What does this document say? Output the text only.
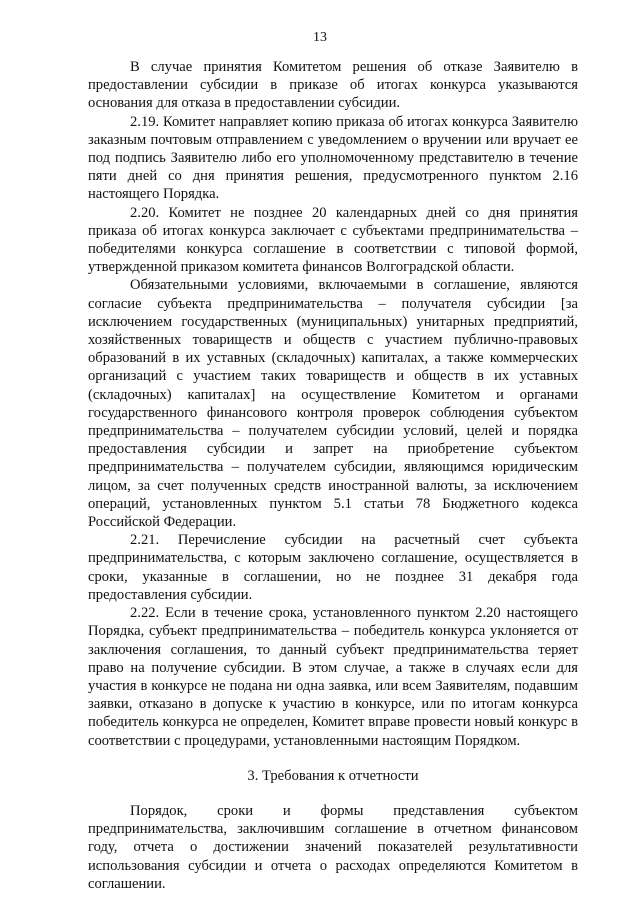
13

В случае принятия Комитетом решения об отказе Заявителю в предоставлении субсидии в приказе об итогах конкурса указываются основания для отказа в предоставлении субсидии.

2.19. Комитет направляет копию приказа об итогах конкурса Заявителю заказным почтовым отправлением с уведомлением о вручении или вручает ее под подпись Заявителю либо его уполномоченному представителю в течение пяти дней со дня принятия решения, предусмотренного пунктом 2.16 настоящего Порядка.

2.20. Комитет не позднее 20 календарных дней со дня принятия приказа об итогах конкурса заключает с субъектами предпринимательства – победителями конкурса соглашение в соответствии с типовой формой, утвержденной приказом комитета финансов Волгоградской области.

Обязательными условиями, включаемыми в соглашение, являются согласие субъекта предпринимательства – получателя субсидии [за исключением государственных (муниципальных) унитарных предприятий, хозяйственных товариществ и обществ с участием публично-правовых образований в их уставных (складочных) капиталах, а также коммерческих организаций с участием таких товариществ и обществ в их уставных (складочных) капиталах] на осуществление Комитетом и органами государственного финансового контроля проверок соблюдения субъектом предпринимательства – получателем субсидии условий, целей и порядка предоставления субсидии и запрет на приобретение субъектом предпринимательства – получателем субсидии, являющимся юридическим лицом, за счет полученных средств иностранной валюты, за исключением операций, установленных пунктом 5.1 статьи 78 Бюджетного кодекса Российской Федерации.

2.21. Перечисление субсидии на расчетный счет субъекта предпринимательства, с которым заключено соглашение, осуществляется в сроки, указанные в соглашении, но не позднее 31 декабря года предоставления субсидии.

2.22. Если в течение срока, установленного пунктом 2.20 настоящего Порядка, субъект предпринимательства – победитель конкурса уклоняется от заключения соглашения, то данный субъект предпринимательства теряет право на получение субсидии. В этом случае, а также в случаях если для участия в конкурсе не подана ни одна заявка, или всем Заявителям, подавшим заявки, отказано в допуске к участию в конкурсе, или по итогам конкурса победитель конкурса не определен, Комитет вправе провести новый конкурс в соответствии с процедурами, установленными настоящим Порядком.

3. Требования к отчетности

Порядок, сроки и формы представления субъектом предпринимательства, заключившим соглашение в отчетном финансовом году, отчета о достижении значений показателей результативности использования субсидии и отчета о расходах определяются Комитетом в соглашении.
